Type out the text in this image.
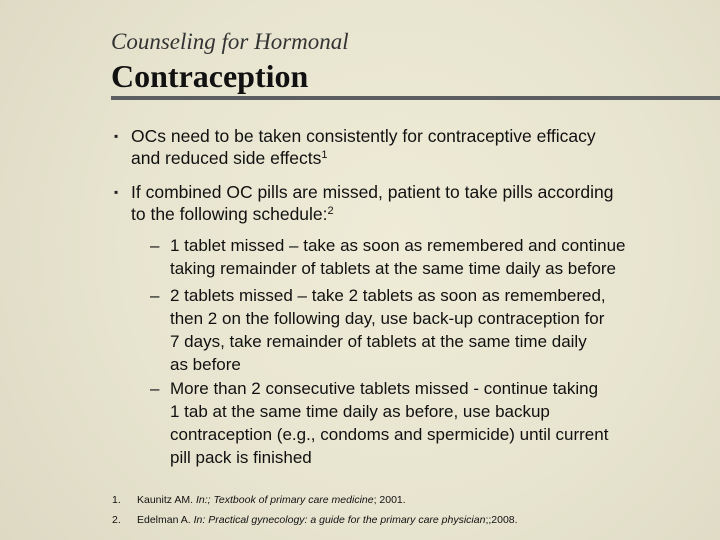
Counseling for Hormonal
Contraception
▪ OCs need to be taken consistently for contraceptive efficacy
and reduced side effects$^1$
▪ If combined OC pills are missed, patient to take pills according
to the following schedule:$^2$
– 1 tablet missed – take as soon as remembered and continue
taking remainder of tablets at the same time daily as before
– 2 tablets missed – take 2 tablets as soon as remembered,
then 2 on the following day, use back-up contraception for
7 days, take remainder of tablets at the same time daily
as before
– More than 2 consecutive tablets missed - continue taking
1 tab at the same time daily as before, use backup
contraception (e.g., condoms and spermicide) until current
pill pack is finished
1.	Kaunitz AM. In:; Textbook of primary care medicine; 2001.
2.	Edelman A. In: Practical gynecology: a guide for the primary care physician;;2008.
